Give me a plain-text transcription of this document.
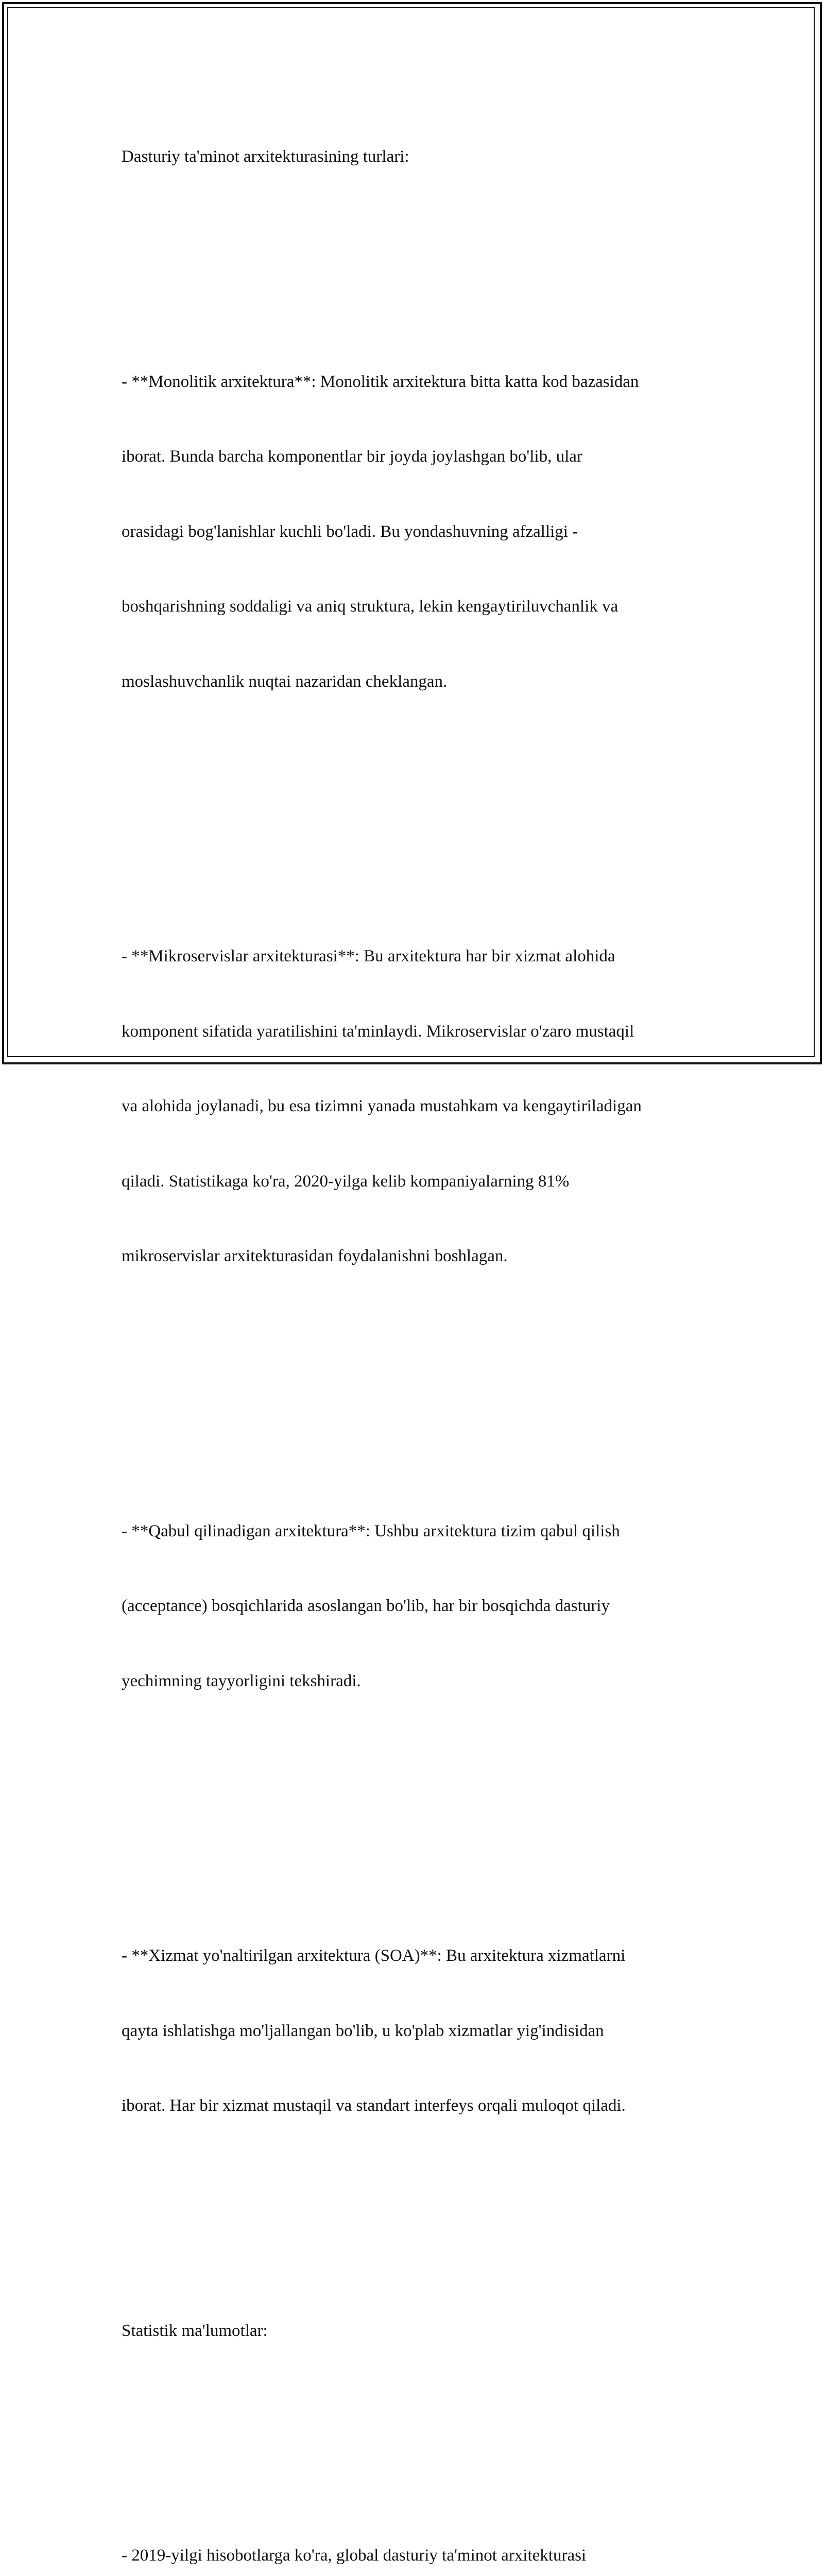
Dasturiy ta'minot arxitekturasining turlari:

- **Monolitik arxitektura**: Monolitik arxitektura bitta katta kod bazasidan

iborat. Bunda barcha komponentlar bir joyda joylashgan bo'lib, ular

orasidagi bog'lanishlar kuchli bo'ladi. Bu yondashuvning afzalligi -

boshqarishning soddaligi va aniq struktura, lekin kengaytiriluvchanlik va

moslashuvchanlik nuqtai nazaridan cheklangan.

- **Mikroservislar arxitekturasi**: Bu arxitektura har bir xizmat alohida

komponent sifatida yaratilishini ta'minlaydi. Mikroservislar o'zaro mustaqil

va alohida joylanadi, bu esa tizimni yanada mustahkam va kengaytiriladigan

qiladi. Statistikaga ko'ra, 2020-yilga kelib kompaniyalarning 81%

mikroservislar arxitekturasidan foydalanishni boshlagan.

- **Qabul qilinadigan arxitektura**: Ushbu arxitektura tizim qabul qilish

(acceptance) bosqichlarida asoslangan bo'lib, har bir bosqichda dasturiy

yechimning tayyorligini tekshiradi.

- **Xizmat yo'naltirilgan arxitektura (SOA)**: Bu arxitektura xizmatlarni

qayta ishlatishga mo'ljallangan bo'lib, u ko'plab xizmatlar yig'indisidan

iborat. Har bir xizmat mustaqil va standart interfeys orqali muloqot qiladi.

Statistik ma'lumotlar:

- 2019-yilgi hisobotlarga ko'ra, global dasturiy ta'minot arxitekturasi
